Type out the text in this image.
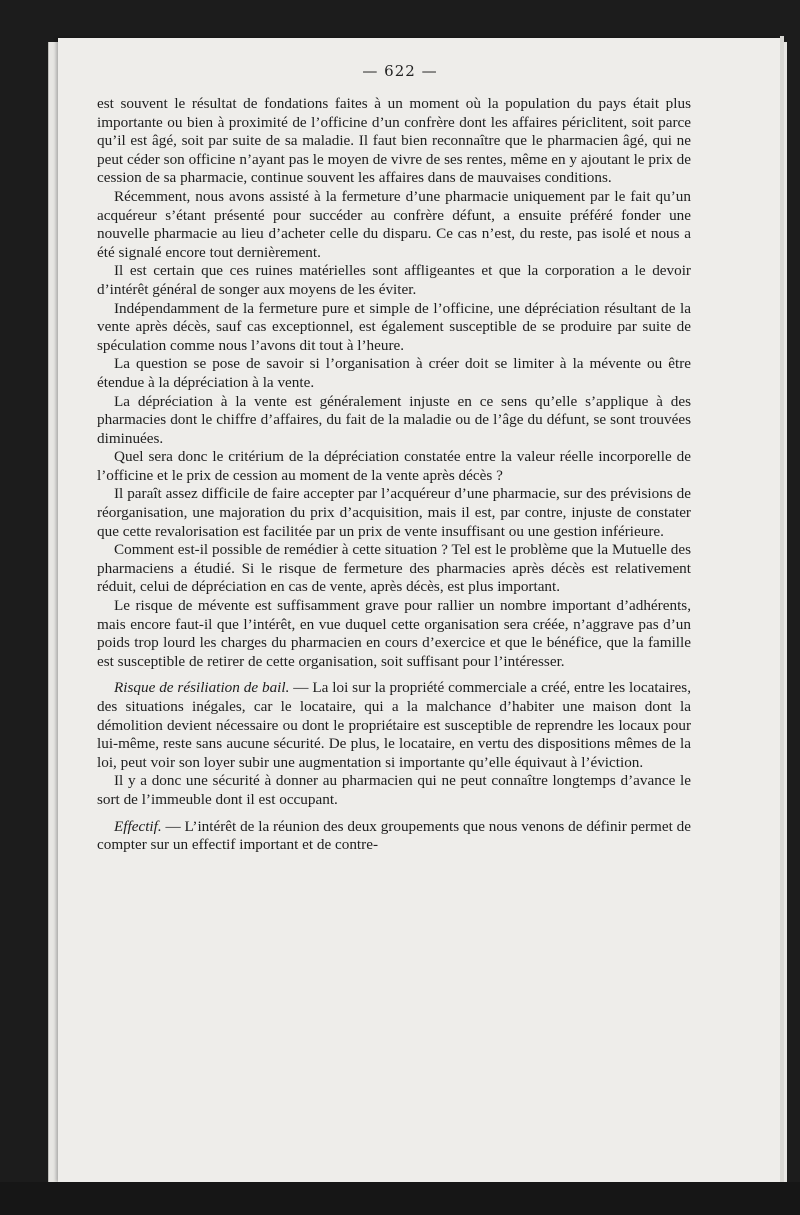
— 622 —

est souvent le résultat de fondations faites à un moment où la population du pays était plus importante ou bien à proximité de l’officine d’un confrère dont les affaires périclitent, soit parce qu’il est âgé, soit par suite de sa maladie. Il faut bien reconnaître que le pharmacien âgé, qui ne peut céder son officine n’ayant pas le moyen de vivre de ses rentes, même en y ajoutant le prix de cession de sa pharmacie, continue souvent les affaires dans de mauvaises conditions.

Récemment, nous avons assisté à la fermeture d’une pharmacie uniquement par le fait qu’un acquéreur s’étant présenté pour succéder au confrère défunt, a ensuite préféré fonder une nouvelle pharmacie au lieu d’acheter celle du disparu. Ce cas n’est, du reste, pas isolé et nous a été signalé encore tout dernièrement.

Il est certain que ces ruines matérielles sont affligeantes et que la corporation a le devoir d’intérêt général de songer aux moyens de les éviter.

Indépendamment de la fermeture pure et simple de l’officine, une dépréciation résultant de la vente après décès, sauf cas exceptionnel, est également susceptible de se produire par suite de spéculation comme nous l’avons dit tout à l’heure.

La question se pose de savoir si l’organisation à créer doit se limiter à la mévente ou être étendue à la dépréciation à la vente.

La dépréciation à la vente est généralement injuste en ce sens qu’elle s’applique à des pharmacies dont le chiffre d’affaires, du fait de la maladie ou de l’âge du défunt, se sont trouvées diminuées.

Quel sera donc le critérium de la dépréciation constatée entre la valeur réelle incorporelle de l’officine et le prix de cession au moment de la vente après décès ?

Il paraît assez difficile de faire accepter par l’acquéreur d’une pharmacie, sur des prévisions de réorganisation, une majoration du prix d’acquisition, mais il est, par contre, injuste de constater que cette revalorisation est facilitée par un prix de vente insuffisant ou une gestion inférieure.

Comment est-il possible de remédier à cette situation ? Tel est le problème que la Mutuelle des pharmaciens a étudié. Si le risque de fermeture des pharmacies après décès est relativement réduit, celui de dépréciation en cas de vente, après décès, est plus important.

Le risque de mévente est suffisamment grave pour rallier un nombre important d’adhérents, mais encore faut-il que l’intérêt, en vue duquel cette organisation sera créée, n’aggrave pas d’un poids trop lourd les charges du pharmacien en cours d’exercice et que le bénéfice, que la famille est susceptible de retirer de cette organisation, soit suffisant pour l’intéresser.

Risque de résiliation de bail. — La loi sur la propriété commerciale a créé, entre les locataires, des situations inégales, car le locataire, qui a la malchance d’habiter une maison dont la démolition devient nécessaire ou dont le propriétaire est susceptible de reprendre les locaux pour lui-même, reste sans aucune sécurité. De plus, le locataire, en vertu des dispositions mêmes de la loi, peut voir son loyer subir une augmentation si importante qu’elle équivaut à l’éviction.

Il y a donc une sécurité à donner au pharmacien qui ne peut connaître longtemps d’avance le sort de l’immeuble dont il est occupant.

Effectif. — L’intérêt de la réunion des deux groupements que nous venons de définir permet de compter sur un effectif important et de contre-
